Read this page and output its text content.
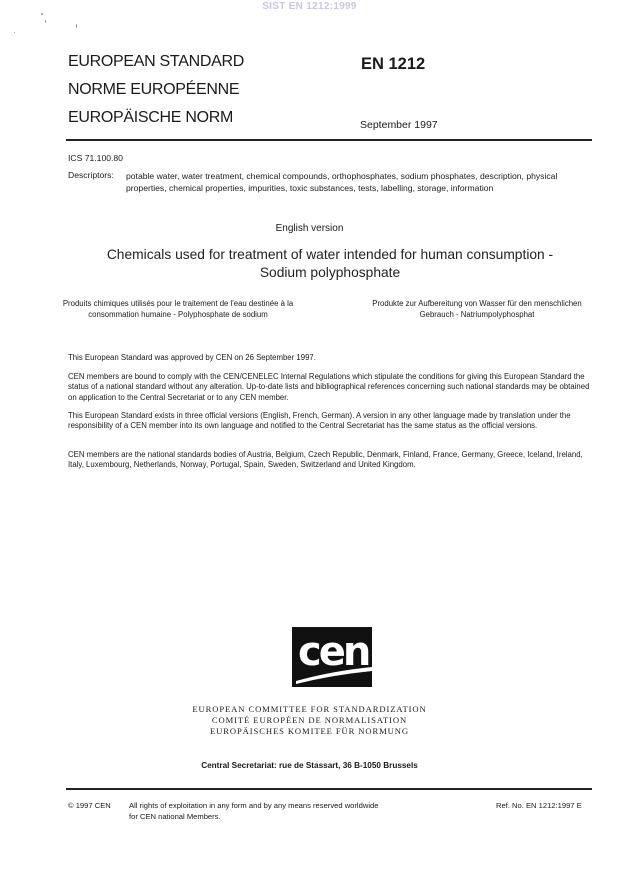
SIST EN 1212:1999
EUROPEAN STANDARD
NORME EUROPÉENNE
EUROPÄISCHE NORM
EN 1212
September 1997
ICS 71.100.80
Descriptors: potable water, water treatment, chemical compounds, orthophosphates, sodium phosphates, description, physical properties, chemical properties, impurities, toxic substances, tests, labelling, storage, information
English version
Chemicals used for treatment of water intended for human consumption - Sodium polyphosphate
Produits chimiques utilisés pour le traitement de l'eau destinée à la consommation humaine - Polyphosphate de sodium
Produkte zur Aufbereitung von Wasser für den menschlichen Gebrauch - Natriumpolyphosphat
This European Standard was approved by CEN on 26 September 1997.
CEN members are bound to comply with the CEN/CENELEC Internal Regulations which stipulate the conditions for giving this European Standard the status of a national standard without any alteration. Up-to-date lists and bibliographical references concerning such national standards may be obtained on application to the Central Secretariat or to any CEN member.
This European Standard exists in three official versions (English, French, German). A version in any other language made by translation under the responsibility of a CEN member into its own language and notified to the Central Secretariat has the same status as the official versions.
CEN members are the national standards bodies of Austria, Belgium, Czech Republic, Denmark, Finland, France, Germany, Greece, Iceland, Ireland, Italy, Luxembourg, Netherlands, Norway, Portugal, Spain, Sweden, Switzerland and United Kingdom.
cen
EUROPEAN COMMITTEE FOR STANDARDIZATION
COMITÉ EUROPÉEN DE NORMALISATION
EUROPÄISCHES KOMITEE FÜR NORMUNG
Central Secretariat: rue de Stassart, 36 B-1050 Brussels
© 1997 CEN All rights of exploitation in any form and by any means reserved worldwide for CEN national Members.
Ref. No. EN 1212:1997 E
